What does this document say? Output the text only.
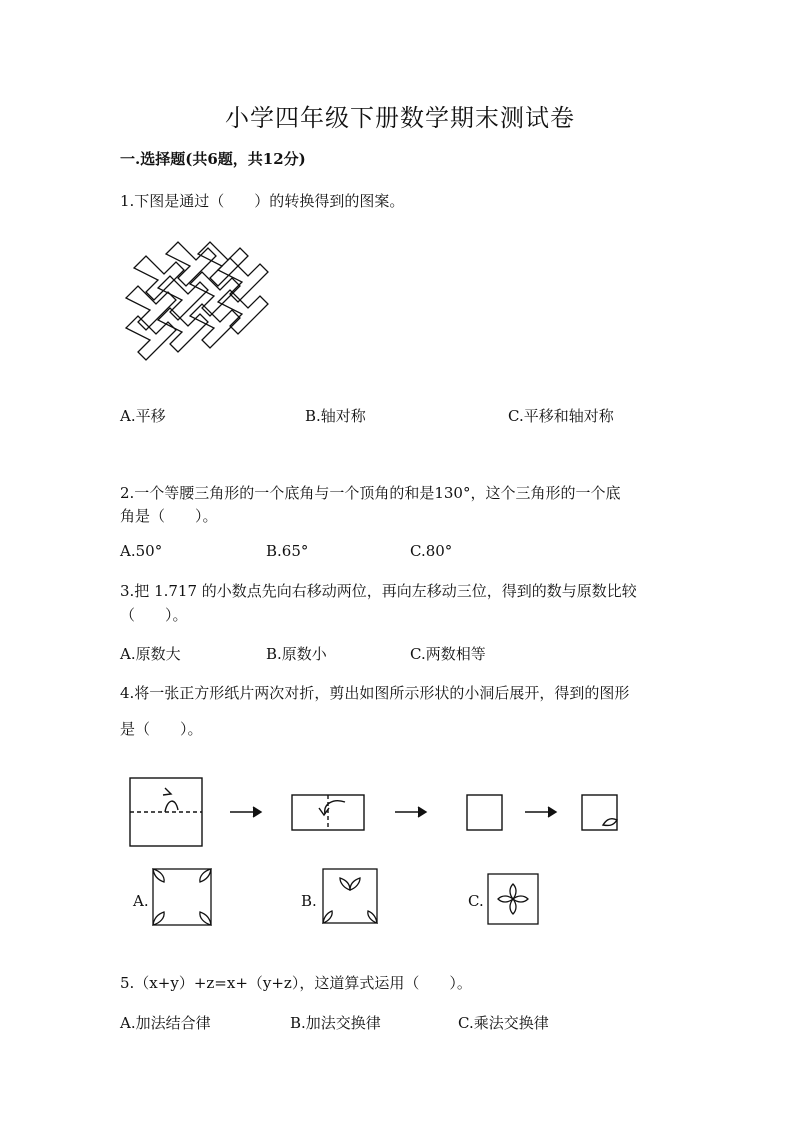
小学四年级下册数学期末测试卷
一.选择题(共6题，共12分)
1.下图是通过（　　）的转换得到的图案。
A.平移	B.轴对称	C.平移和轴对称
2.一个等腰三角形的一个底角与一个顶角的和是130°，这个三角形的一个底
角是（　　）。
A.50°	B.65°	C.80°
3.把 1.717 的小数点先向右移动两位，再向左移动三位，得到的数与原数比较
（　　）。
A.原数大	B.原数小	C.两数相等
4.将一张正方形纸片两次对折，剪出如图所示形状的小洞后展开，得到的图形
是（　　）。
A.	B.	C.
5.（x+y）+z=x+（y+z），这道算式运用（　　）。
A.加法结合律	B.加法交换律	C.乘法交换律
